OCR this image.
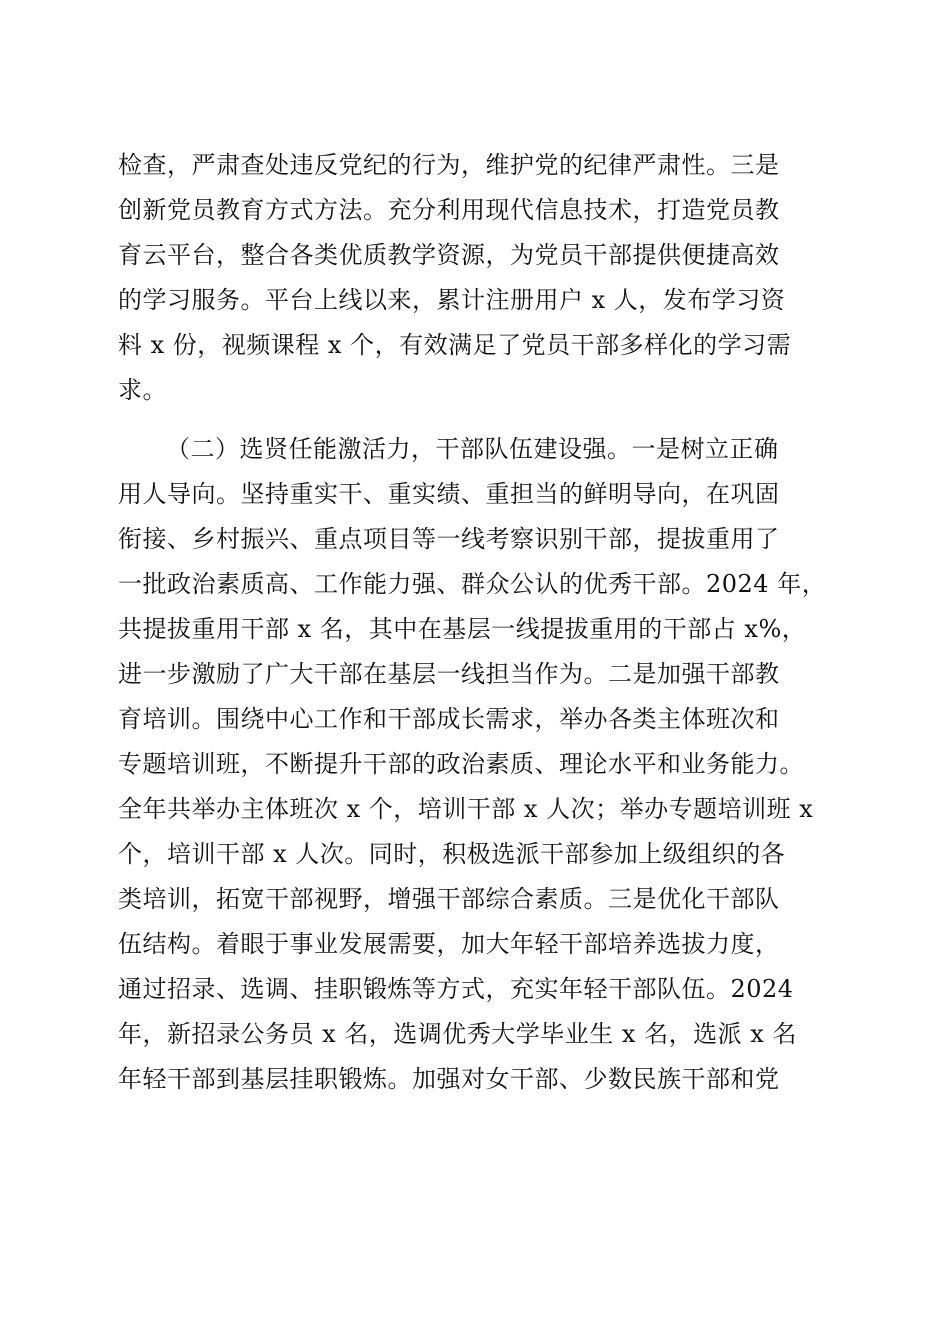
检查，严肃查处违反党纪的行为，维护党的纪律严肃性。三是
创新党员教育方式方法。充分利用现代信息技术，打造党员教
育云平台，整合各类优质教学资源，为党员干部提供便捷高效
的学习服务。平台上线以来，累计注册用户 x 人，发布学习资
料 x 份，视频课程 x 个，有效满足了党员干部多样化的学习需
求。
（二）选贤任能激活力，干部队伍建设强。一是树立正确
用人导向。坚持重实干、重实绩、重担当的鲜明导向，在巩固
衔接、乡村振兴、重点项目等一线考察识别干部，提拔重用了
一批政治素质高、工作能力强、群众公认的优秀干部。2024 年，
共提拔重用干部 x 名，其中在基层一线提拔重用的干部占 x%，
进一步激励了广大干部在基层一线担当作为。二是加强干部教
育培训。围绕中心工作和干部成长需求，举办各类主体班次和
专题培训班，不断提升干部的政治素质、理论水平和业务能力。
全年共举办主体班次 x 个，培训干部 x 人次；举办专题培训班 x
个，培训干部 x 人次。同时，积极选派干部参加上级组织的各
类培训，拓宽干部视野，增强干部综合素质。三是优化干部队
伍结构。着眼于事业发展需要，加大年轻干部培养选拔力度，
通过招录、选调、挂职锻炼等方式，充实年轻干部队伍。2024
年，新招录公务员 x 名，选调优秀大学毕业生 x 名，选派 x 名
年轻干部到基层挂职锻炼。加强对女干部、少数民族干部和党
